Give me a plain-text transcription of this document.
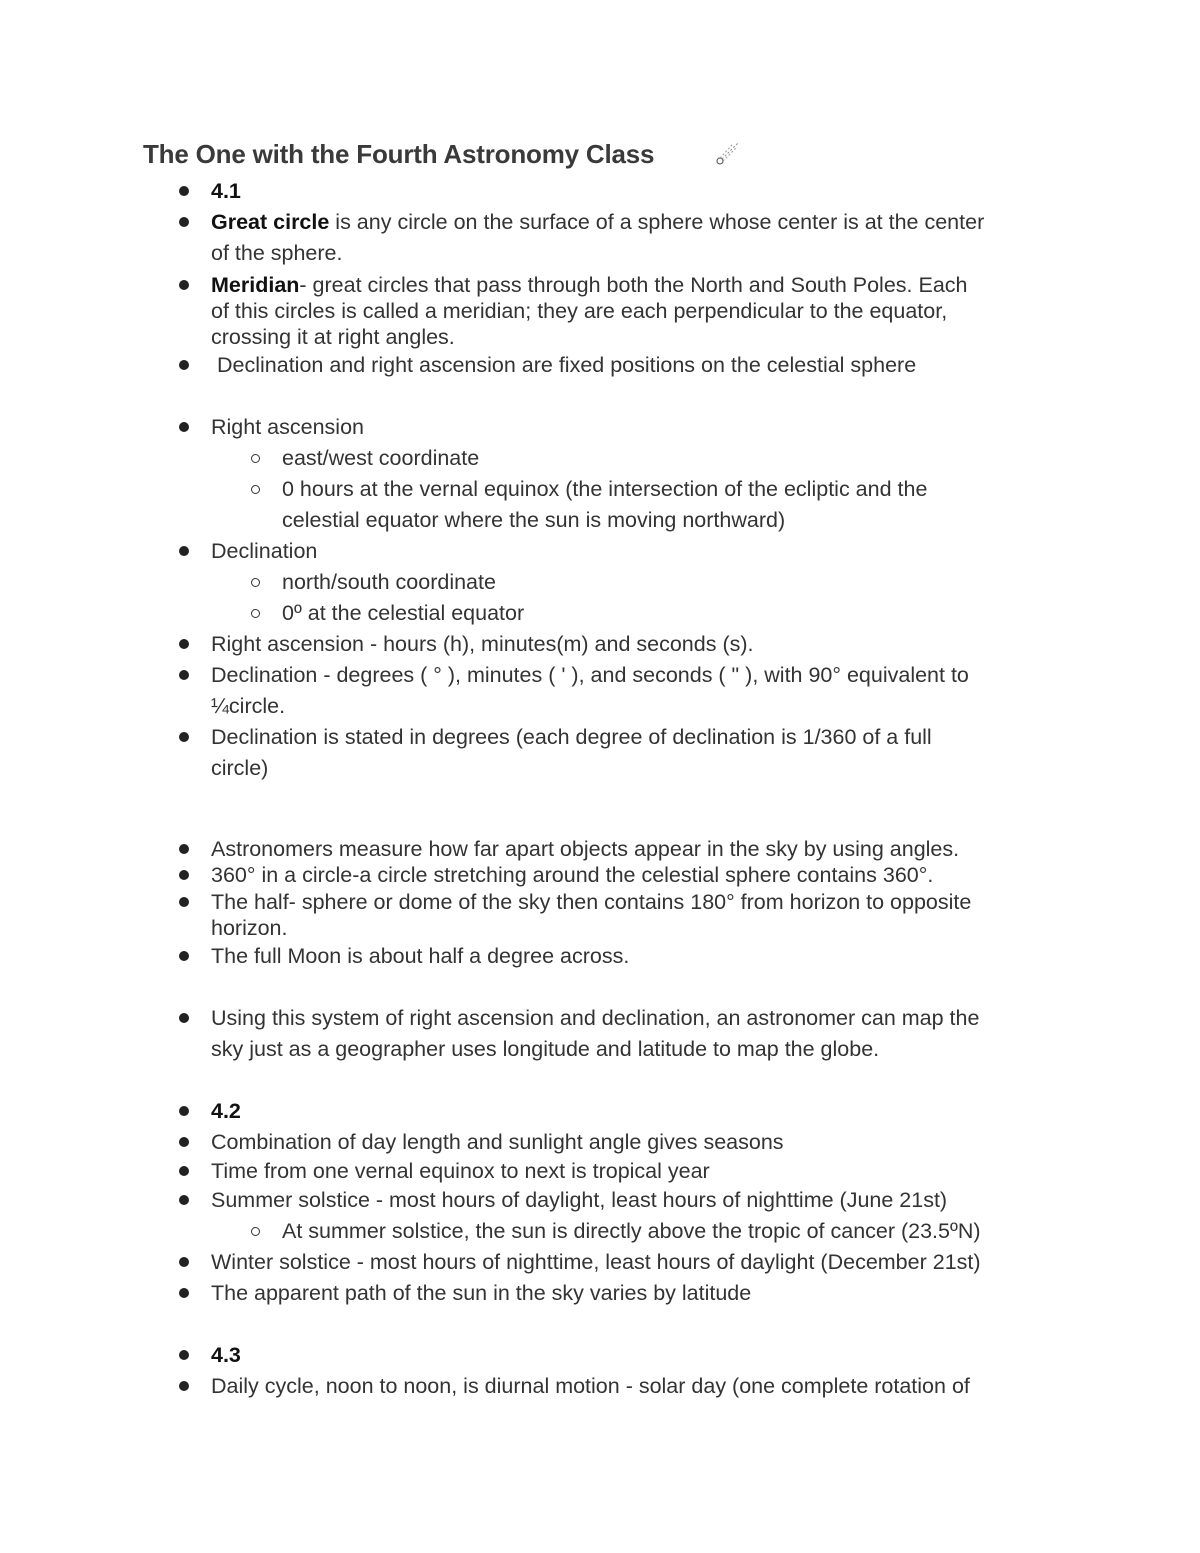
The One with the Fourth Astronomy Class
4.1
Great circle is any circle on the surface of a sphere whose center is at the center
of the sphere.
Meridian- great circles that pass through both the North and South Poles. Each
of this circles is called a meridian; they are each perpendicular to the equator,
crossing it at right angles.
Declination and right ascension are fixed positions on the celestial sphere
Right ascension
east/west coordinate
0 hours at the vernal equinox (the intersection of the ecliptic and the
celestial equator where the sun is moving northward)
Declination
north/south coordinate
0º at the celestial equator
Right ascension - hours (h), minutes(m) and seconds (s).
Declination - degrees ( ° ), minutes ( ' ), and seconds ( " ), with 90° equivalent to
¼circle.
Declination is stated in degrees (each degree of declination is 1/360 of a full
circle)
Astronomers measure how far apart objects appear in the sky by using angles.
360° in a circle-a circle stretching around the celestial sphere contains 360°.
The half- sphere or dome of the sky then contains 180° from horizon to opposite
horizon.
The full Moon is about half a degree across.
Using this system of right ascension and declination, an astronomer can map the
sky just as a geographer uses longitude and latitude to map the globe.
4.2
Combination of day length and sunlight angle gives seasons
Time from one vernal equinox to next is tropical year
Summer solstice - most hours of daylight, least hours of nighttime (June 21st)
At summer solstice, the sun is directly above the tropic of cancer (23.5ºN)
Winter solstice - most hours of nighttime, least hours of daylight (December 21st)
The apparent path of the sun in the sky varies by latitude
4.3
Daily cycle, noon to noon, is diurnal motion - solar day (one complete rotation of
